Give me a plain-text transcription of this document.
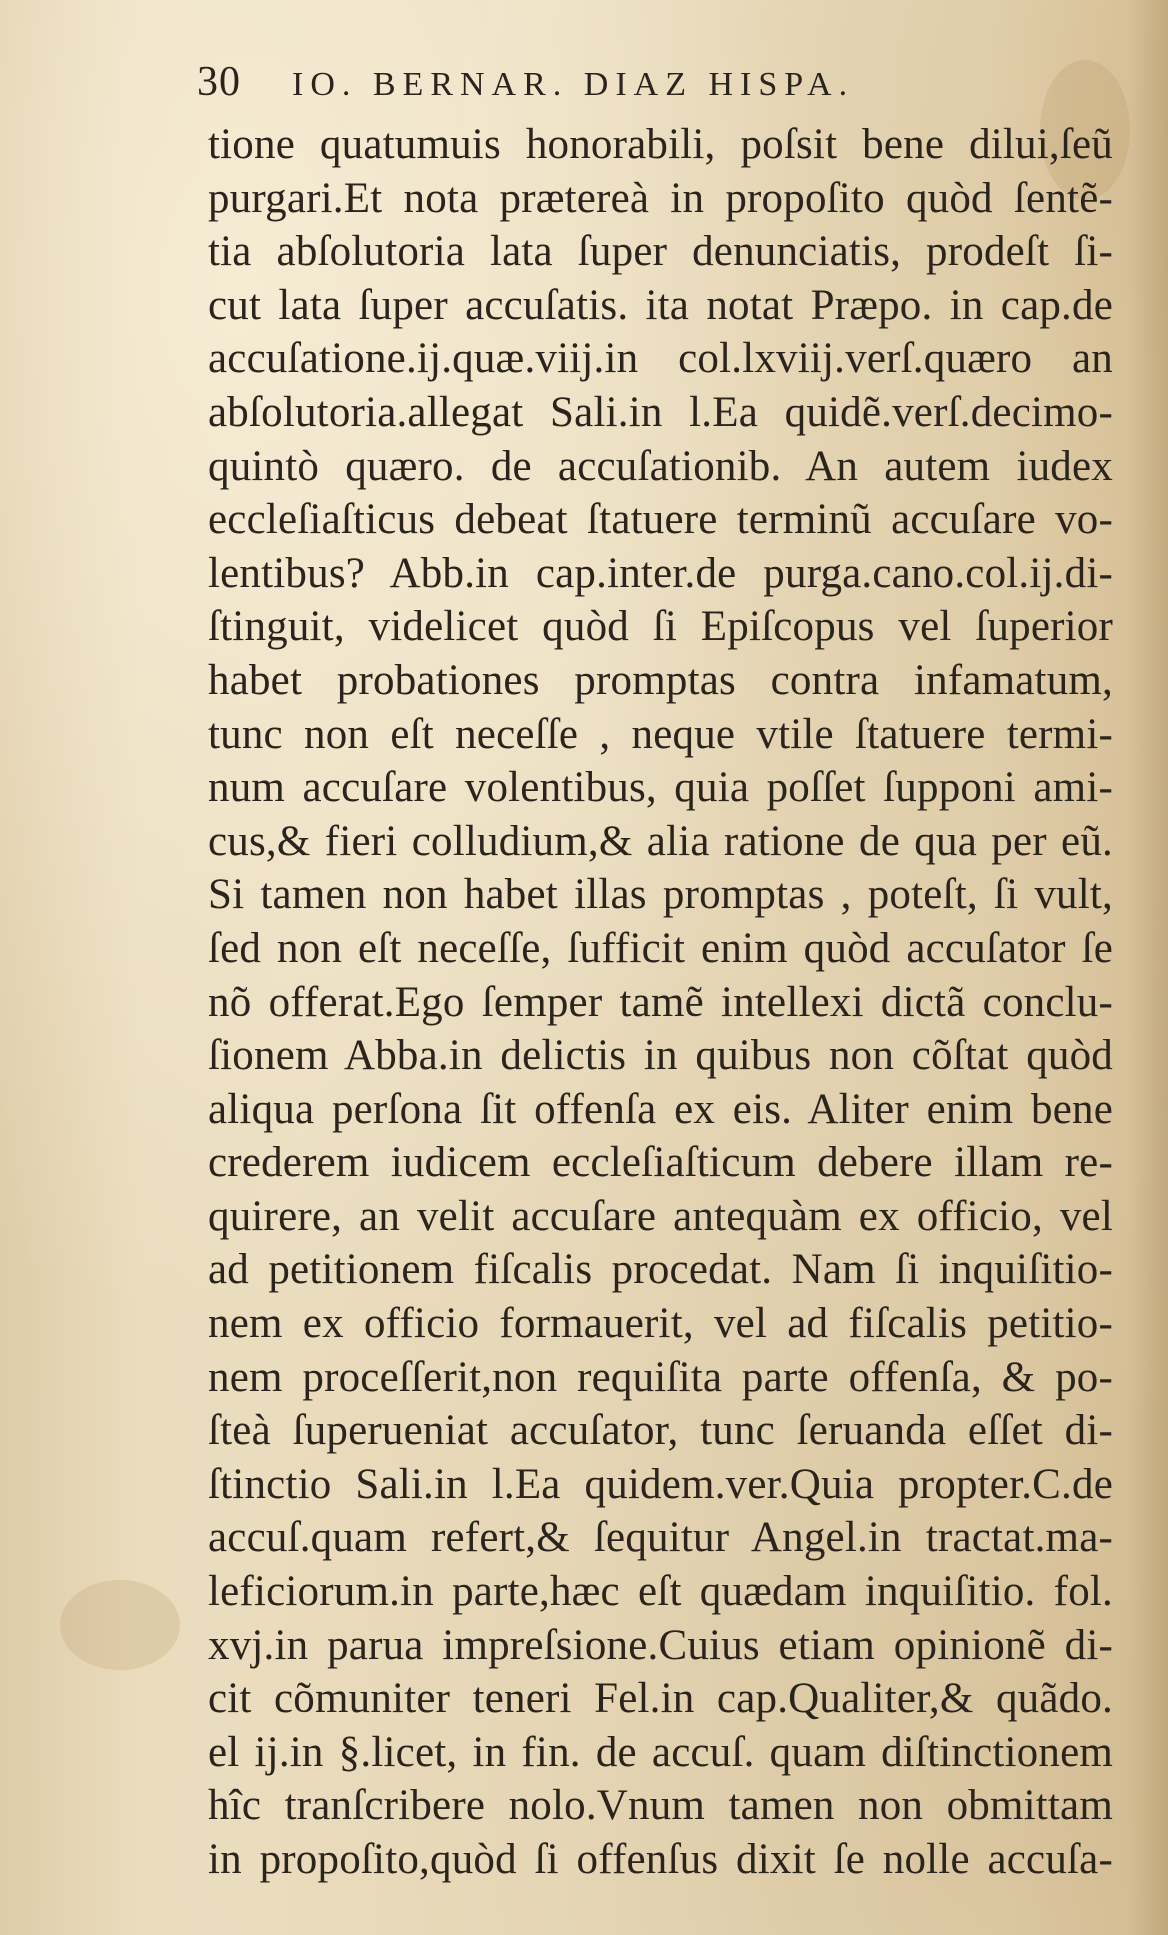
30	IO. BERNAR. DIAZ HISPA.
tione quatumuis honorabili, poſsit bene dilui,ſeũ
purgari.Et nota prætereà in propoſito quòd ſentẽ-
tia abſolutoria lata ſuper denunciatis, prodeſt ſi-
cut lata ſuper accuſatis. ita notat Præpo. in cap.de
accuſatione.ij.quæ.viij.in col.lxviij.verſ.quæro an
abſolutoria.allegat Sali.in l.Ea quidẽ.verſ.decimo-
quintò quæro. de accuſationib. An autem iudex
eccleſiaſticus debeat ſtatuere terminũ accuſare vo-
lentibus? Abb.in cap.inter.de purga.cano.col.ij.di-
ſtinguit, videlicet quòd ſi Epiſcopus vel ſuperior
habet probationes promptas contra infamatum,
tunc non eſt neceſſe , neque vtile ſtatuere termi-
num accuſare volentibus, quia poſſet ſupponi ami-
cus,& fieri colludium,& alia ratione de qua per eũ.
Si tamen non habet illas promptas , poteſt, ſi vult,
ſed non eſt neceſſe, ſufficit enim quòd accuſator ſe
nõ offerat.Ego ſemper tamẽ intellexi dictã conclu-
ſionem Abba.in delictis in quibus non cõſtat quòd
aliqua perſona ſit offenſa ex eis. Aliter enim bene
crederem iudicem eccleſiaſticum debere illam re-
quirere, an velit accuſare antequàm ex officio, vel
ad petitionem fiſcalis procedat. Nam ſi inquiſitio-
nem ex officio formauerit, vel ad fiſcalis petitio-
nem proceſſerit,non requiſita parte offenſa, & po-
ſteà ſuperueniat accuſator, tunc ſeruanda eſſet di-
ſtinctio Sali.in l.Ea quidem.ver.Quia propter.C.de
accuſ.quam refert,& ſequitur Angel.in tractat.ma-
leficiorum.in parte,hæc eſt quædam inquiſitio. fol.
xvj.in parua impreſsione.Cuius etiam opinionẽ di-
cit cõmuniter teneri Fel.in cap.Qualiter,& quãdo.
el ij.in §.licet, in fin. de accuſ. quam diſtinctionem
hîc tranſcribere nolo.Vnum tamen non obmittam
in propoſito,quòd ſi offenſus dixit ſe nolle accuſa-
